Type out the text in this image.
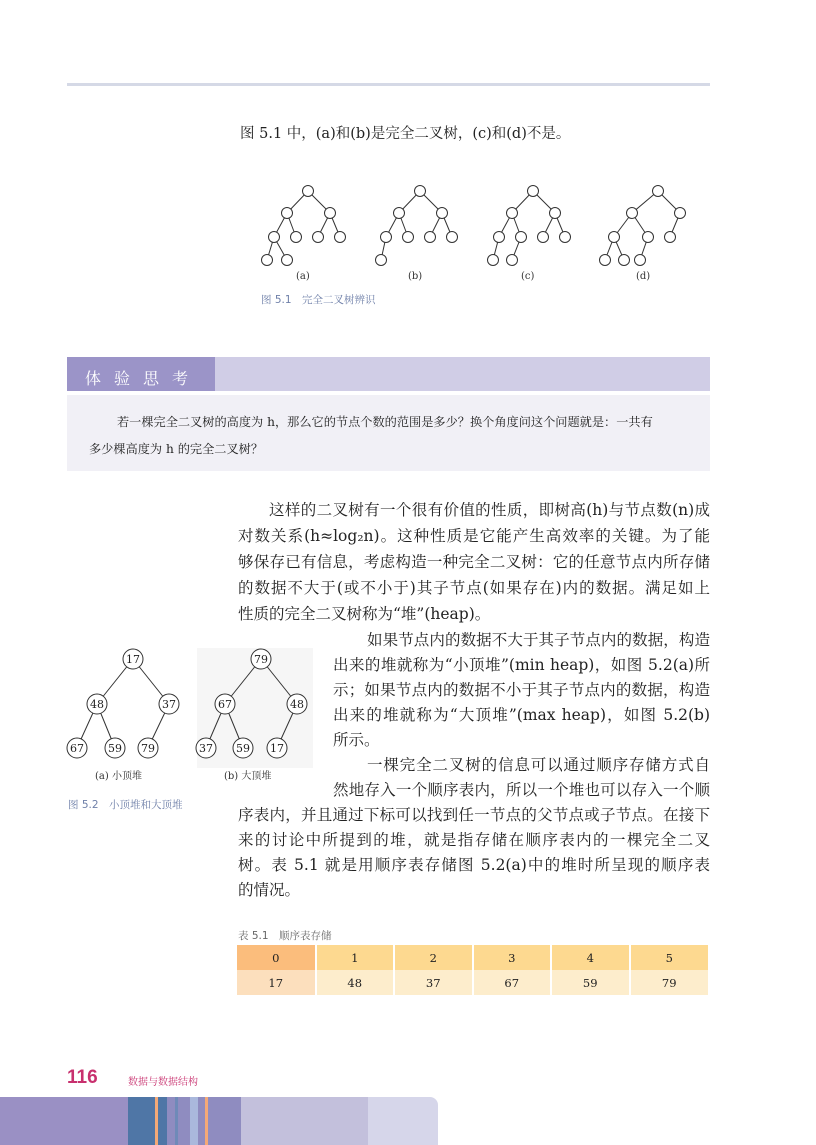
图 5.1 中，(a)和(b)是完全二叉树，(c)和(d)不是。
(a)	(b)	(c)	(d)
图 5.1　完全二叉树辨识
体验思考
若一棵完全二叉树的高度为 h，那么它的节点个数的范围是多少？换个角度问这个问题就是：一共有
多少棵高度为 h 的完全二叉树？
这样的二叉树有一个很有价值的性质，即树高(h)与节点数(n)成
对数关系(h≈log₂n)。这种性质是它能产生高效率的关键。为了能
够保存已有信息，考虑构造一种完全二叉树：它的任意节点内所存储
的数据不大于(或不小于)其子节点(如果存在)内的数据。满足如上
性质的完全二叉树称为“堆”(heap)。
如果节点内的数据不大于其子节点内的数据，构造
出来的堆就称为“小顶堆”(min heap)，如图 5.2(a)所
示；如果节点内的数据不小于其子节点内的数据，构造
出来的堆就称为“大顶堆”(max heap)，如图 5.2(b)
所示。
一棵完全二叉树的信息可以通过顺序存储方式自
然地存入一个顺序表内，所以一个堆也可以存入一个顺
序表内，并且通过下标可以找到任一节点的父节点或子节点。在接下
来的讨论中所提到的堆，就是指存储在顺序表内的一棵完全二叉
树。表 5.1 就是用顺序表存储图 5.2(a)中的堆时所呈现的顺序表
的情况。
17
48	37
67 59 79
79
67	48
37 59 17
(a) 小顶堆	(b) 大顶堆
图 5.2　小顶堆和大顶堆
表 5.1　顺序表存储
0	1	2	3	4	5
17	48	37	67	59	79
116	数据与数据结构
